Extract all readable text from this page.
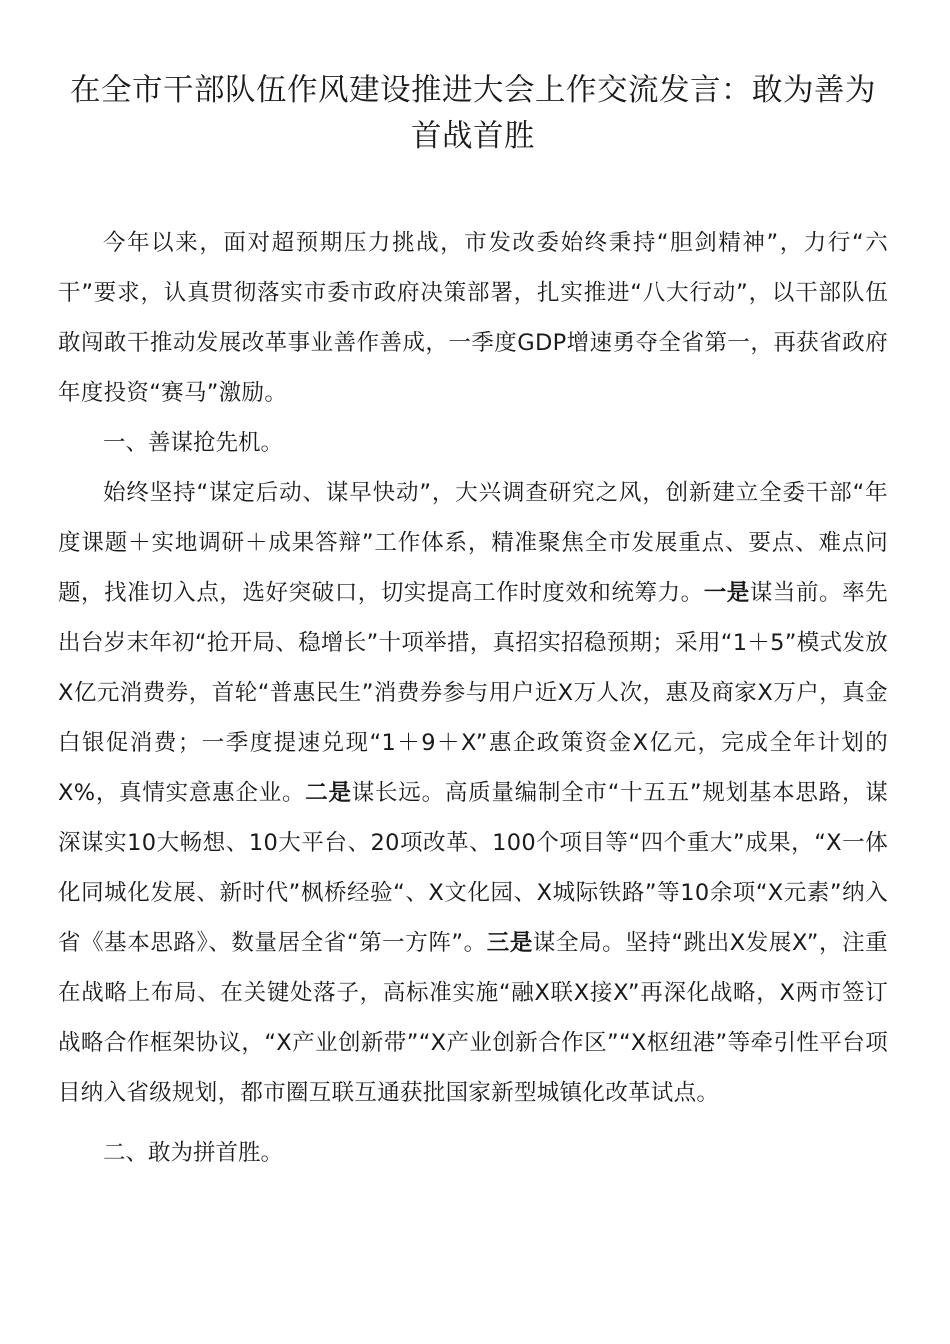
在全市干部队伍作风建设推进大会上作交流发言：敢为善为首战首胜

今年以来，面对超预期压力挑战，市发改委始终秉持“胆剑精神”，力行“六干”要求，认真贯彻落实市委市政府决策部署，扎实推进“八大行动”，以干部队伍敢闯敢干推动发展改革事业善作善成，一季度GDP增速勇夺全省第一，再获省政府年度投资“赛马”激励。

一、善谋抢先机。

始终坚持“谋定后动、谋早快动”，大兴调查研究之风，创新建立全委干部“年度课题＋实地调研＋成果答辩”工作体系，精准聚焦全市发展重点、要点、难点问题，找准切入点，选好突破口，切实提高工作时度效和统筹力。一是谋当前。率先出台岁末年初“抢开局、稳增长”十项举措，真招实招稳预期；采用“1＋5”模式发放X亿元消费券，首轮“普惠民生”消费券参与用户近X万人次，惠及商家X万户，真金白银促消费；一季度提速兑现“1＋9＋X”惠企政策资金X亿元，完成全年计划的X%，真情实意惠企业。二是谋长远。高质量编制全市“十五五”规划基本思路，谋深谋实10大畅想、10大平台、20项改革、100个项目等“四个重大”成果，“X一体化同城化发展、新时代”枫桥经验“、X文化园、X城际铁路”等10余项“X元素”纳入省《基本思路》、数量居全省“第一方阵”。三是谋全局。坚持“跳出X发展X”，注重在战略上布局、在关键处落子，高标准实施“融X联X接X”再深化战略，X两市签订战略合作框架协议，“X产业创新带”“X产业创新合作区”“X枢纽港”等牵引性平台项目纳入省级规划，都市圈互联互通获批国家新型城镇化改革试点。

二、敢为拼首胜。
